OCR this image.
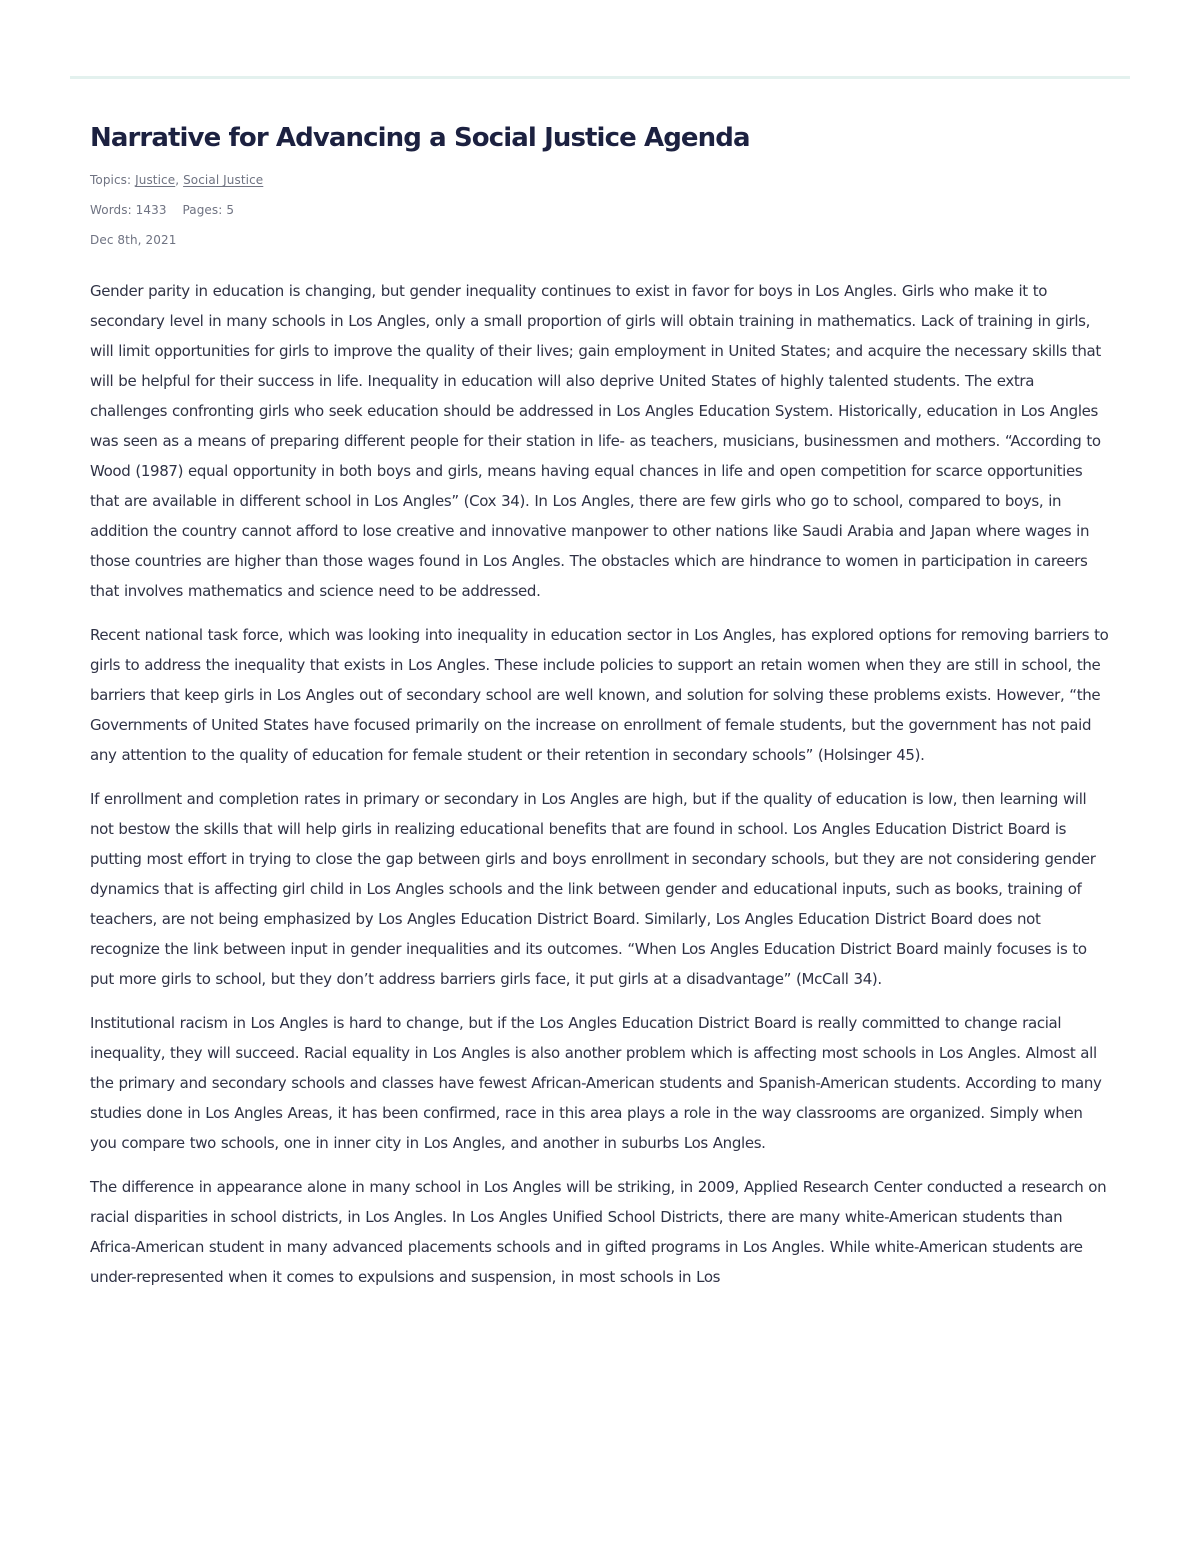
Narrative for Advancing a Social Justice Agenda
Topics: Justice, Social Justice
Words: 1433 Pages: 5
Dec 8th, 2021

Gender parity in education is changing, but gender inequality continues to exist in favor for boys in Los Angles. Girls who make it to secondary level in many schools in Los Angles, only a small proportion of girls will obtain training in mathematics. Lack of training in girls, will limit opportunities for girls to improve the quality of their lives; gain employment in United States; and acquire the necessary skills that will be helpful for their success in life. Inequality in education will also deprive United States of highly talented students. The extra challenges confronting girls who seek education should be addressed in Los Angles Education System. Historically, education in Los Angles was seen as a means of preparing different people for their station in life- as teachers, musicians, businessmen and mothers. “According to Wood (1987) equal opportunity in both boys and girls, means having equal chances in life and open competition for scarce opportunities that are available in different school in Los Angles” (Cox 34). In Los Angles, there are few girls who go to school, compared to boys, in addition the country cannot afford to lose creative and innovative manpower to other nations like Saudi Arabia and Japan where wages in those countries are higher than those wages found in Los Angles. The obstacles which are hindrance to women in participation in careers that involves mathematics and science need to be addressed.

Recent national task force, which was looking into inequality in education sector in Los Angles, has explored options for removing barriers to girls to address the inequality that exists in Los Angles. These include policies to support an retain women when they are still in school, the barriers that keep girls in Los Angles out of secondary school are well known, and solution for solving these problems exists. However, “the Governments of United States have focused primarily on the increase on enrollment of female students, but the government has not paid any attention to the quality of education for female student or their retention in secondary schools” (Holsinger 45).

If enrollment and completion rates in primary or secondary in Los Angles are high, but if the quality of education is low, then learning will not bestow the skills that will help girls in realizing educational benefits that are found in school. Los Angles Education District Board is putting most effort in trying to close the gap between girls and boys enrollment in secondary schools, but they are not considering gender dynamics that is affecting girl child in Los Angles schools and the link between gender and educational inputs, such as books, training of teachers, are not being emphasized by Los Angles Education District Board. Similarly, Los Angles Education District Board does not recognize the link between input in gender inequalities and its outcomes. “When Los Angles Education District Board mainly focuses is to put more girls to school, but they don’t address barriers girls face, it put girls at a disadvantage” (McCall 34).

Institutional racism in Los Angles is hard to change, but if the Los Angles Education District Board is really committed to change racial inequality, they will succeed. Racial equality in Los Angles is also another problem which is affecting most schools in Los Angles. Almost all the primary and secondary schools and classes have fewest African-American students and Spanish-American students. According to many studies done in Los Angles Areas, it has been confirmed, race in this area plays a role in the way classrooms are organized. Simply when you compare two schools, one in inner city in Los Angles, and another in suburbs Los Angles.

The difference in appearance alone in many school in Los Angles will be striking, in 2009, Applied Research Center conducted a research on racial disparities in school districts, in Los Angles. In Los Angles Unified School Districts, there are many white-American students than Africa-American student in many advanced placements schools and in gifted programs in Los Angles. While white-American students are under-represented when it comes to expulsions and suspension, in most schools in Los
